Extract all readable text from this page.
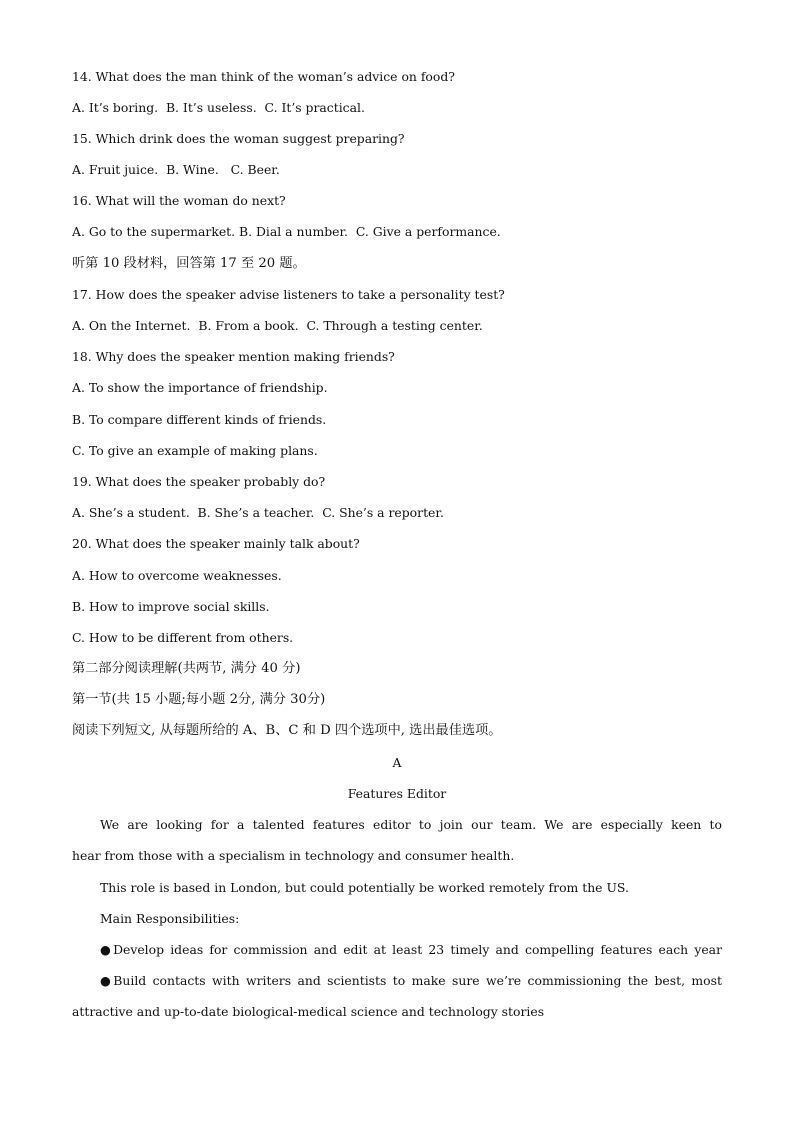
14. What does the man think of the woman’s advice on food?
A. It’s boring.  B. It’s useless.  C. It’s practical.
15. Which drink does the woman suggest preparing?
A. Fruit juice.  B. Wine.   C. Beer.
16. What will the woman do next?
A. Go to the supermarket. B. Dial a number.  C. Give a performance.
听第 10 段材料，回答第 17 至 20 题。
17. How does the speaker advise listeners to take a personality test?
A. On the Internet.  B. From a book.  C. Through a testing center.
18. Why does the speaker mention making friends?
A. To show the importance of friendship.
B. To compare different kinds of friends.
C. To give an example of making plans.
19. What does the speaker probably do?
A. She’s a student.  B. She’s a teacher.  C. She’s a reporter.
20. What does the speaker mainly talk about?
A. How to overcome weaknesses.
B. How to improve social skills.
C. How to be different from others.
第二部分阅读理解(共两节, 满分 40 分)
第一节(共 15 小题;每小题 2分, 满分 30分)
阅读下列短文, 从每题所给的 A、B、C 和 D 四个选项中, 选出最佳选项。
A
Features Editor
We are looking for a talented features editor to join our team. We are especially keen to
hear from those with a specialism in technology and consumer health.
This role is based in London, but could potentially be worked remotely from the US.
Main Responsibilities:
●Develop ideas for commission and edit at least 23 timely and compelling features each year
●Build contacts with writers and scientists to make sure we’re commissioning the best, most
attractive and up-to-date biological-medical science and technology stories
